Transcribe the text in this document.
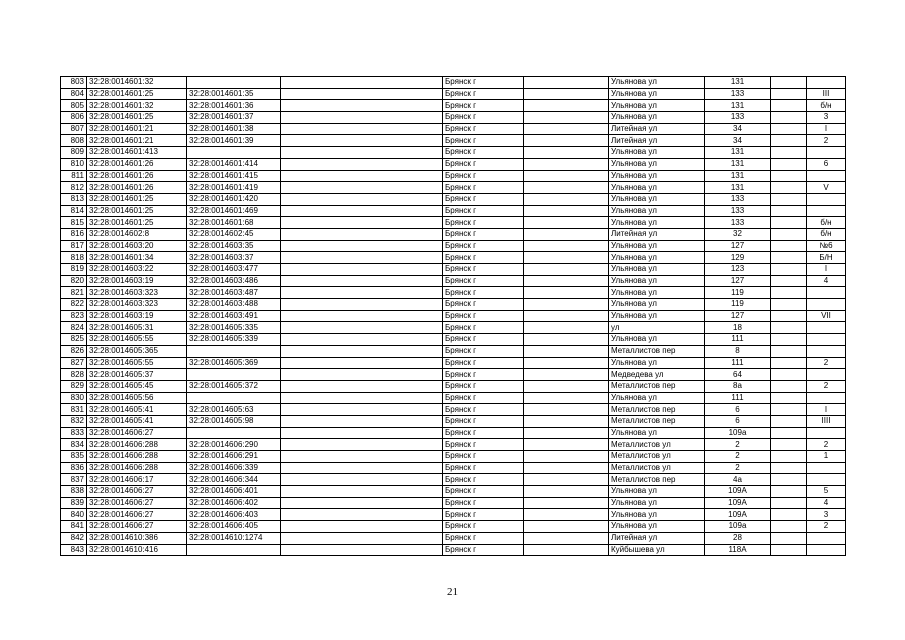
803	32:28:0014601:32			Брянск г		Ульянова ул	131		
804	32:28:0014601:25	32:28:0014601:35		Брянск г		Ульянова ул	133		III
805	32:28:0014601:32	32:28:0014601:36		Брянск г		Ульянова ул	131		б/н
806	32:28:0014601:25	32:28:0014601:37		Брянск г		Ульянова ул	133		3
807	32:28:0014601:21	32:28:0014601:38		Брянск г		Литейная ул	34		I
808	32:28:0014601:21	32:28:0014601:39		Брянск г		Литейная ул	34		2
809	32:28:0014601:413			Брянск г		Ульянова ул	131		
810	32:28:0014601:26	32:28:0014601:414		Брянск г		Ульянова ул	131		6
811	32:28:0014601:26	32:28:0014601:415		Брянск г		Ульянова ул	131		
812	32:28:0014601:26	32:28:0014601:419		Брянск г		Ульянова ул	131		V
813	32:28:0014601:25	32:28:0014601:420		Брянск г		Ульянова ул	133		
814	32:28:0014601:25	32:28:0014601:469		Брянск г		Ульянова ул	133		
815	32:28:0014601:25	32:28:0014601:68		Брянск г		Ульянова ул	133		б/н
816	32:28:0014602:8	32:28:0014602:45		Брянск г		Литейная ул	32		б/н
817	32:28:0014603:20	32:28:0014603:35		Брянск г		Ульянова ул	127		№6
818	32:28:0014601:34	32:28:0014603:37		Брянск г		Ульянова ул	129		Б/Н
819	32:28:0014603:22	32:28:0014603:477		Брянск г		Ульянова ул	123		I
820	32:28:0014603:19	32:28:0014603:486		Брянск г		Ульянова ул	127		4
821	32:28:0014603:323	32:28:0014603:487		Брянск г		Ульянова ул	119		
822	32:28:0014603:323	32:28:0014603:488		Брянск г		Ульянова ул	119		
823	32:28:0014603:19	32:28:0014603:491		Брянск г		Ульянова ул	127		VII
824	32:28:0014605:31	32:28:0014605:335		Брянск г		ул	18		
825	32:28:0014605:55	32:28:0014605:339		Брянск г		Ульянова ул	111		
826	32:28:0014605:365			Брянск г		Металлистов пер	8		
827	32:28:0014605:55	32:28:0014605:369		Брянск г		Ульянова ул	111		2
828	32:28:0014605:37			Брянск г		Медведева ул	64		
829	32:28:0014605:45	32:28:0014605:372		Брянск г		Металлистов пер	8а		2
830	32:28:0014605:56			Брянск г		Ульянова ул	111		
831	32:28:0014605:41	32:28:0014605:63		Брянск г		Металлистов пер	6		I
832	32:28:0014605:41	32:28:0014605:98		Брянск г		Металлистов пер	6		IIII
833	32:28:0014606:27			Брянск г		Ульянова ул	109а		
834	32:28:0014606:288	32:28:0014606:290		Брянск г		Металлистов ул	2		2
835	32:28:0014606:288	32:28:0014606:291		Брянск г		Металлистов ул	2		1
836	32:28:0014606:288	32:28:0014606:339		Брянск г		Металлистов ул	2		
837	32:28:0014606:17	32:28:0014606:344		Брянск г		Металлистов пер	4а		
838	32:28:0014606:27	32:28:0014606:401		Брянск г		Ульянова ул	109А		5
839	32:28:0014606:27	32:28:0014606:402		Брянск г		Ульянова ул	109А		4
840	32:28:0014606:27	32:28:0014606:403		Брянск г		Ульянова ул	109А		3
841	32:28:0014606:27	32:28:0014606:405		Брянск г		Ульянова ул	109а		2
842	32:28:0014610:386	32:28:0014610:1274		Брянск г		Литейная ул	28		
843	32:28:0014610:416			Брянск г		Куйбышева ул	118А		
21
